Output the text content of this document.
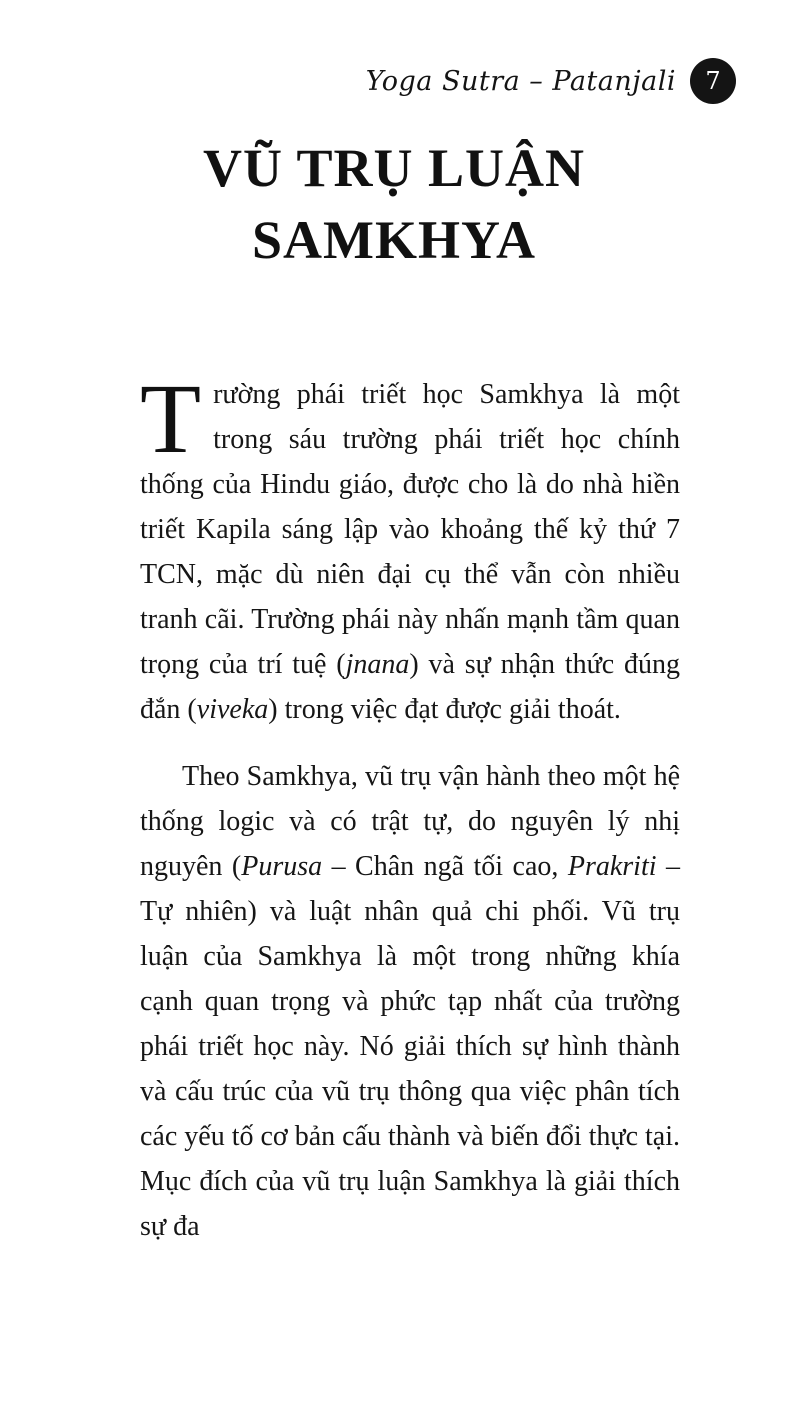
Yoga Sutra – Patanjali 7
VŨ TRỤ LUẬN
SAMKHYA

Trường phái triết học Samkhya là một trong sáu trường phái triết học chính thống của Hindu giáo, được cho là do nhà hiền triết Kapila sáng lập vào khoảng thế kỷ thứ 7 TCN, mặc dù niên đại cụ thể vẫn còn nhiều tranh cãi. Trường phái này nhấn mạnh tầm quan trọng của trí tuệ (jnana) và sự nhận thức đúng đắn (viveka) trong việc đạt được giải thoát.

Theo Samkhya, vũ trụ vận hành theo một hệ thống logic và có trật tự, do nguyên lý nhị nguyên (Purusa – Chân ngã tối cao, Prakriti – Tự nhiên) và luật nhân quả chi phối. Vũ trụ luận của Samkhya là một trong những khía cạnh quan trọng và phức tạp nhất của trường phái triết học này. Nó giải thích sự hình thành và cấu trúc của vũ trụ thông qua việc phân tích các yếu tố cơ bản cấu thành và biến đổi thực tại. Mục đích của vũ trụ luận Samkhya là giải thích sự đa
